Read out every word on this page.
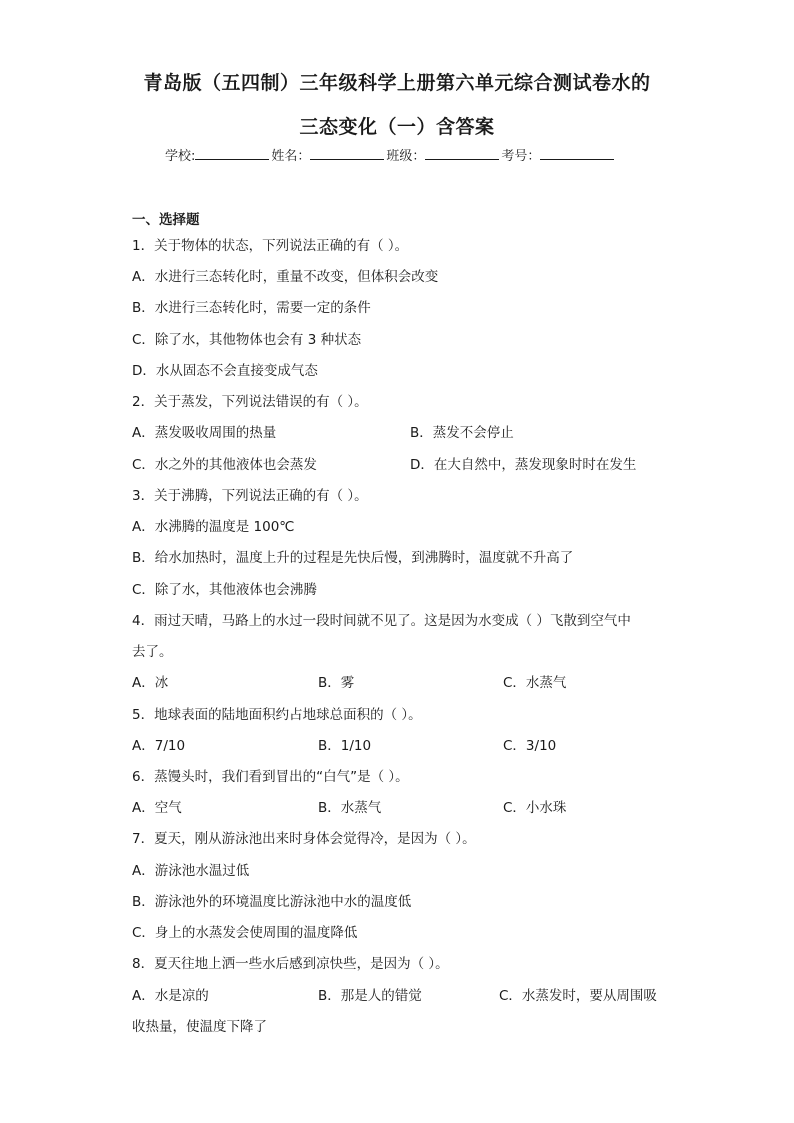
青岛版（五四制）三年级科学上册第六单元综合测试卷水的
三态变化（一）含答案
学校:	姓名：	班级：	考号：
一、选择题
1．关于物体的状态，下列说法正确的有（ ）。
A．水进行三态转化时，重量不改变，但体积会改变
B．水进行三态转化时，需要一定的条件
C．除了水，其他物体也会有 3 种状态
D．水从固态不会直接变成气态
2．关于蒸发，下列说法错误的有（ ）。
A．蒸发吸收周围的热量	B．蒸发不会停止
C．水之外的其他液体也会蒸发	D．在大自然中，蒸发现象时时在发生
3．关于沸腾，下列说法正确的有（ ）。
A．水沸腾的温度是 100℃
B．给水加热时，温度上升的过程是先快后慢，到沸腾时，温度就不升高了
C．除了水，其他液体也会沸腾
4．雨过天晴，马路上的水过一段时间就不见了。这是因为水变成（ ）飞散到空气中
去了。
A．冰	B．雾	C．水蒸气
5．地球表面的陆地面积约占地球总面积的（ ）。
A．7/10	B．1/10	C．3/10
6．蒸馒头时，我们看到冒出的“白气”是（ ）。
A．空气	B．水蒸气	C．小水珠
7．夏天，刚从游泳池出来时身体会觉得冷，是因为（ ）。
A．游泳池水温过低
B．游泳池外的环境温度比游泳池中水的温度低
C．身上的水蒸发会使周围的温度降低
8．夏天往地上洒一些水后感到凉快些，是因为（ ）。
A．水是凉的	B．那是人的错觉	C．水蒸发时，要从周围吸
收热量，使温度下降了
